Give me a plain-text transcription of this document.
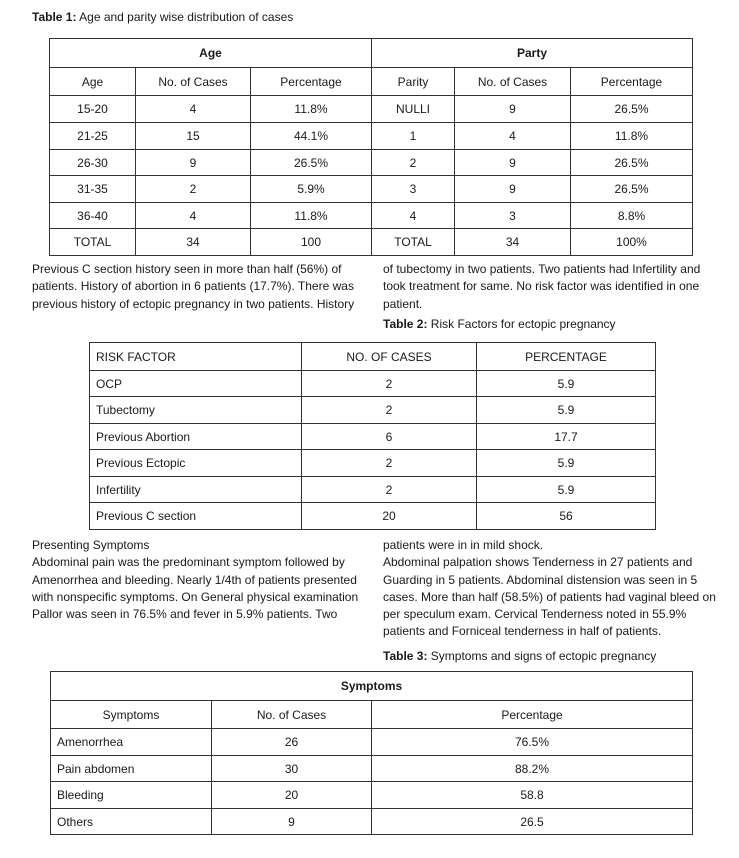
Table 1: Age and parity wise distribution of cases
Age			Party		
Age	No. of Cases	Percentage	Parity	No. of Cases	Percentage
15-20	4	11.8%	NULLI	9	26.5%
21-25	15	44.1%	1	4	11.8%
26-30	9	26.5%	2	9	26.5%
31-35	2	5.9%	3	9	26.5%
36-40	4	11.8%	4	3	8.8%
TOTAL	34	100	TOTAL	34	100%
Previous C section history seen in more than half (56%) of
patients. History of abortion in 6 patients (17.7%). There was
previous history of ectopic pregnancy in two patients. History
of tubectomy in two patients. Two patients had Infertility and
took treatment for same. No risk factor was identified in one
patient.
Table 2: Risk Factors for ectopic pregnancy
RISK FACTOR	NO. OF CASES	PERCENTAGE
OCP	2	5.9
Tubectomy	2	5.9
Previous Abortion	6	17.7
Previous Ectopic	2	5.9
Infertility	2	5.9
Previous C section	20	56
Presenting Symptoms
Abdominal pain was the predominant symptom followed by
Amenorrhea and bleeding. Nearly 1/4th of patients presented
with nonspecific symptoms. On General physical examination
Pallor was seen in 76.5% and fever in 5.9% patients. Two
patients were in in mild shock.
Abdominal palpation shows Tenderness in 27 patients and
Guarding in 5 patients. Abdominal distension was seen in 5
cases. More than half (58.5%) of patients had vaginal bleed on
per speculum exam. Cervical Tenderness noted in 55.9%
patients and Forniceal tenderness in half of patients.
Table 3: Symptoms and signs of ectopic pregnancy
Symptoms		
Symptoms	No. of Cases	Percentage
Amenorrhea	26	76.5%
Pain abdomen	30	88.2%
Bleeding	20	58.8
Others	9	26.5
